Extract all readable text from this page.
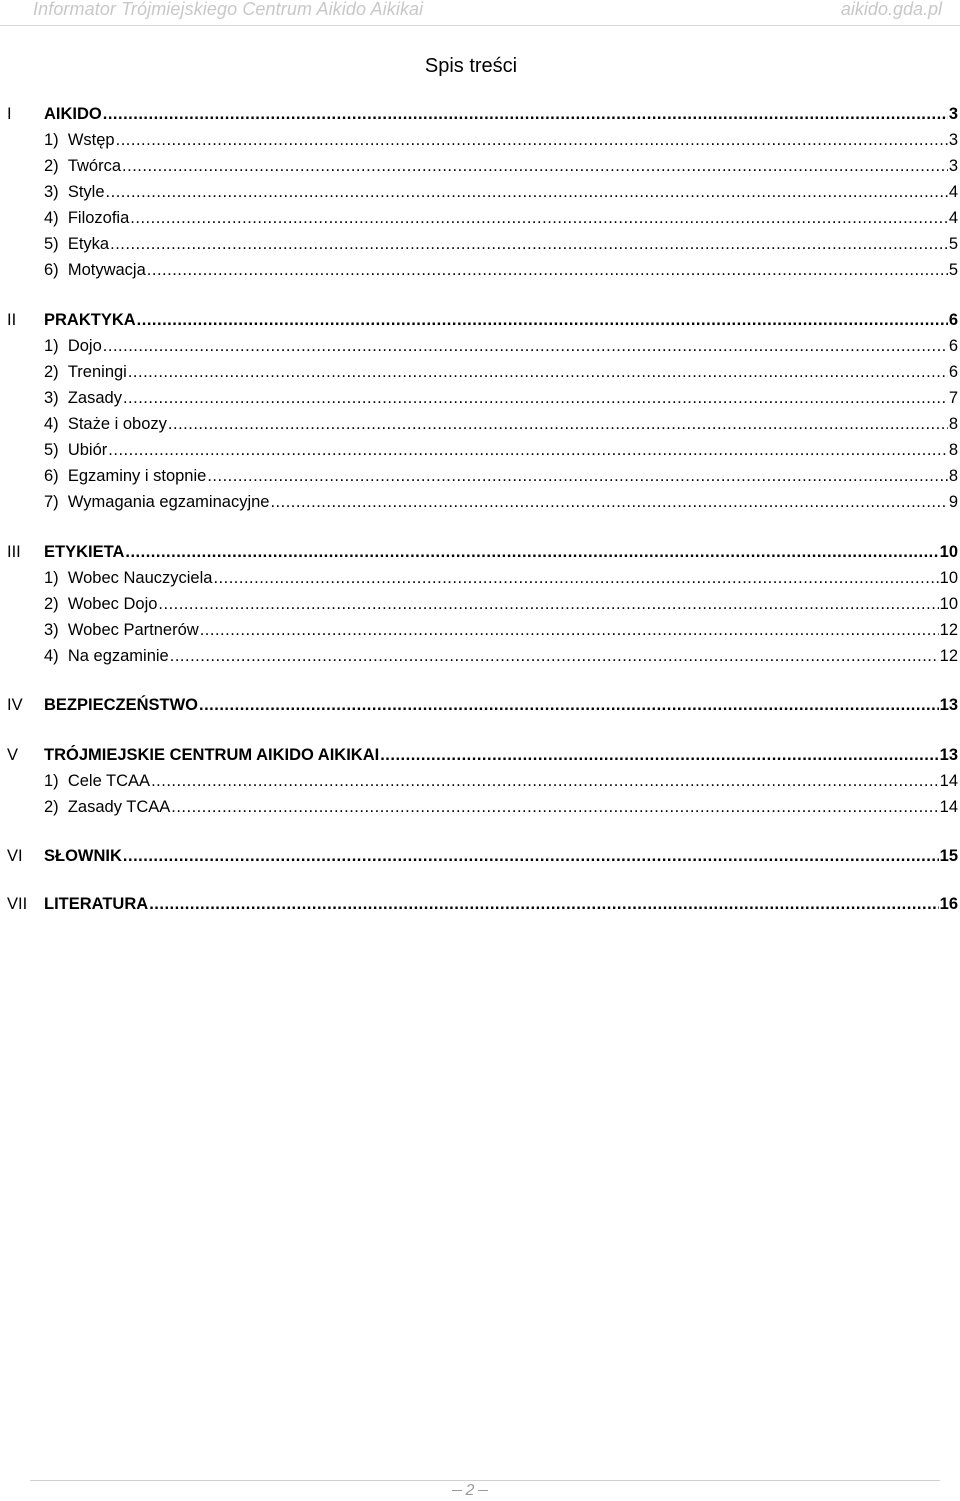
Informator Trójmiejskiego Centrum Aikido Aikikai	aikido.gda.pl
Spis treści
I AIKIDO .....	3
1)  Wstęp .....	3
2)  Twórca .....	3
3)  Style .....	4
4)  Filozofia .....	4
5)  Etyka .....	5
6)  Motywacja .....	5
II PRAKTYKA .....	6
1)  Dojo .....	6
2)  Treningi .....	6
3)  Zasady .....	7
4)  Staże i obozy .....	8
5)  Ubiór .....	8
6)  Egzaminy i stopnie .....	8
7)  Wymagania egzaminacyjne .....	9
III ETYKIETA .....	10
1)  Wobec Nauczyciela .....	10
2)  Wobec Dojo .....	10
3)  Wobec Partnerów .....	12
4)  Na egzaminie .....	12
IV BEZPIECZEŃSTWO .....	13
V TRÓJMIEJSKIE CENTRUM AIKIDO AIKIKAI .....	13
1)  Cele TCAA .....	14
2)  Zasady TCAA .....	14
VI SŁOWNIK .....	15
VII LITERATURA .....	16
2
